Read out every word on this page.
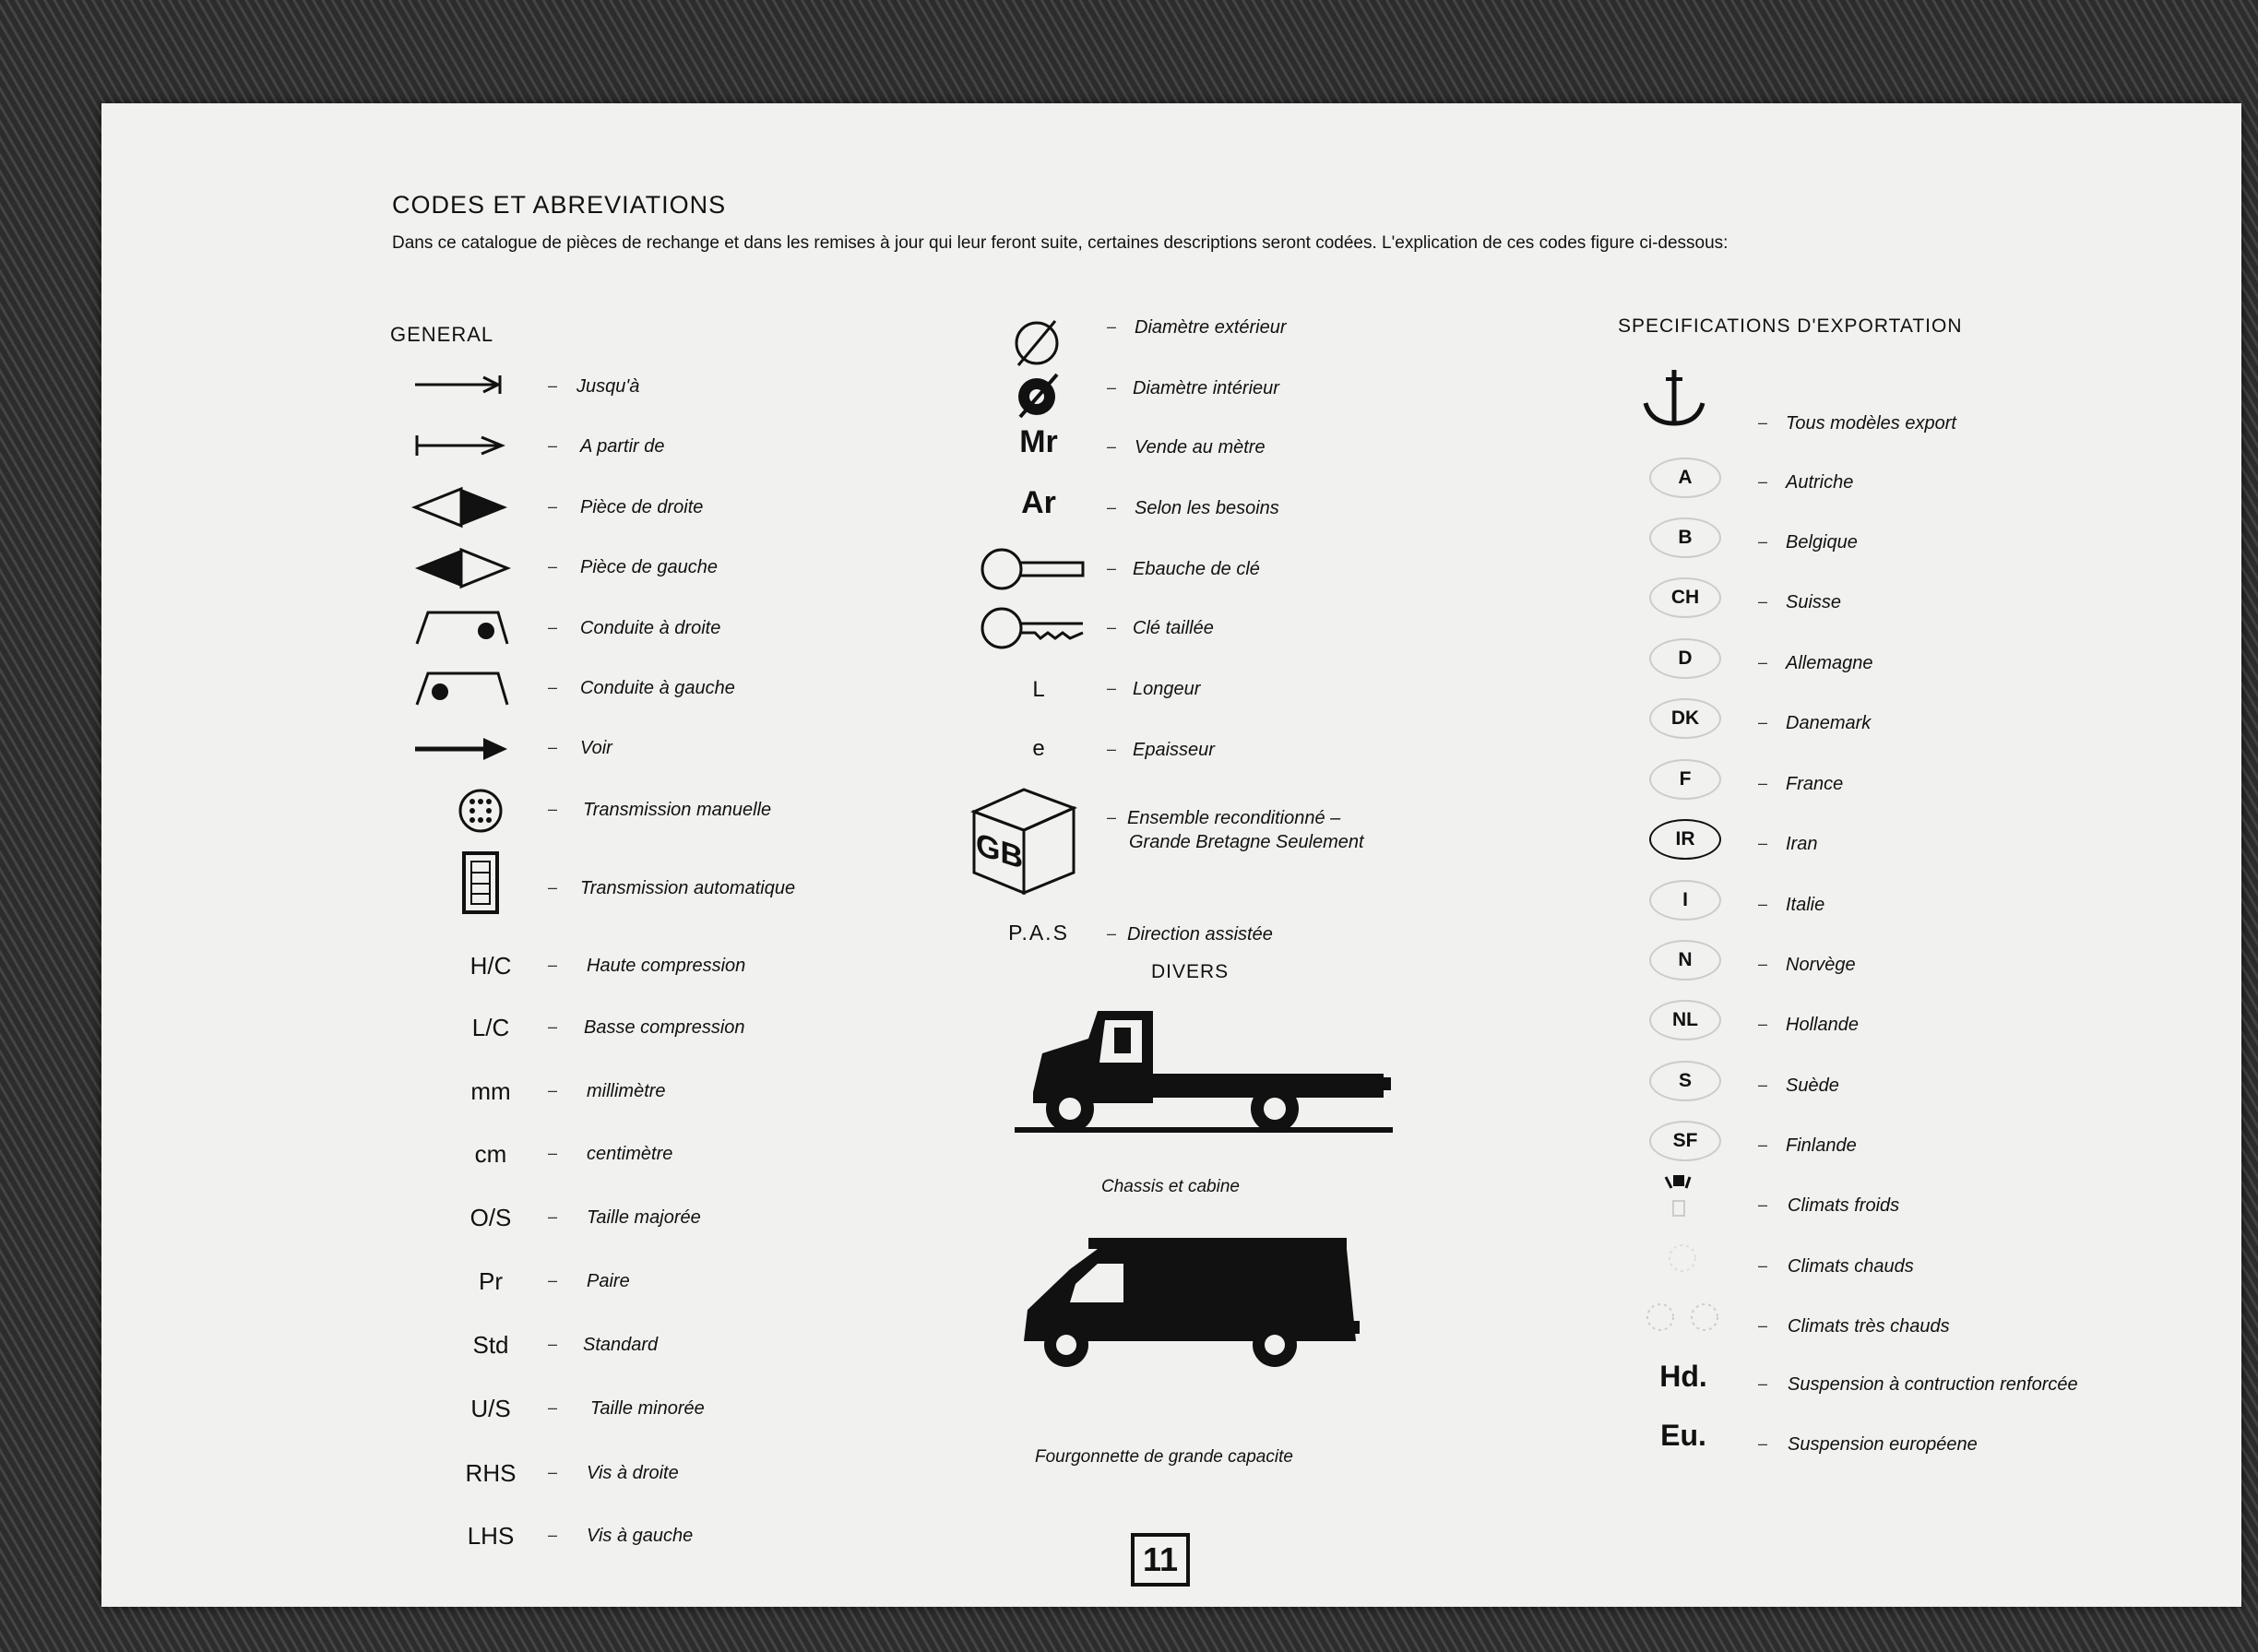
CODES ET ABREVIATIONS
Dans ce catalogue de pièces de rechange et dans les remises à jour qui leur feront suite, certaines descriptions seront codées. L'explication de ces codes figure ci-dessous:
GENERAL
H/C
L/C
mm
cm
O/S
Pr
Std
U/S
RHS
LHS
– Jusqu'à
– A partir de
– Pièce de droite
– Pièce de gauche
– Conduite à droite
– Conduite à gauche
– Voir
– Transmission manuelle
– Transmission automatique
– Haute compression
– Basse compression
– millimètre
– centimètre
– Taille majorée
– Paire
– Standard
– Taille minorée
– Vis à droite
– Vis à gauche
Mr
Ar
L
e
GB
P.A.S
– Diamètre extérieur
– Diamètre intérieur
– Vende au mètre
– Selon les besoins
– Ebauche de clé
– Clé taillée
– Longeur
– Epaisseur
– Ensemble reconditionné –
Grande Bretagne Seulement
– Direction assistée
DIVERS
Chassis et cabine
Fourgonnette de grande capacite
SPECIFICATIONS D'EXPORTATION
A
B
CH
D
DK
F
IR
I
N
NL
S
SF
Hd.
Eu.
– Tous modèles export
– Autriche
– Belgique
– Suisse
– Allemagne
– Danemark
– France
– Iran
– Italie
– Norvège
– Hollande
– Suède
– Finlande
– Climats froids
– Climats chauds
– Climats très chauds
– Suspension à contruction renforcée
– Suspension européene
11
